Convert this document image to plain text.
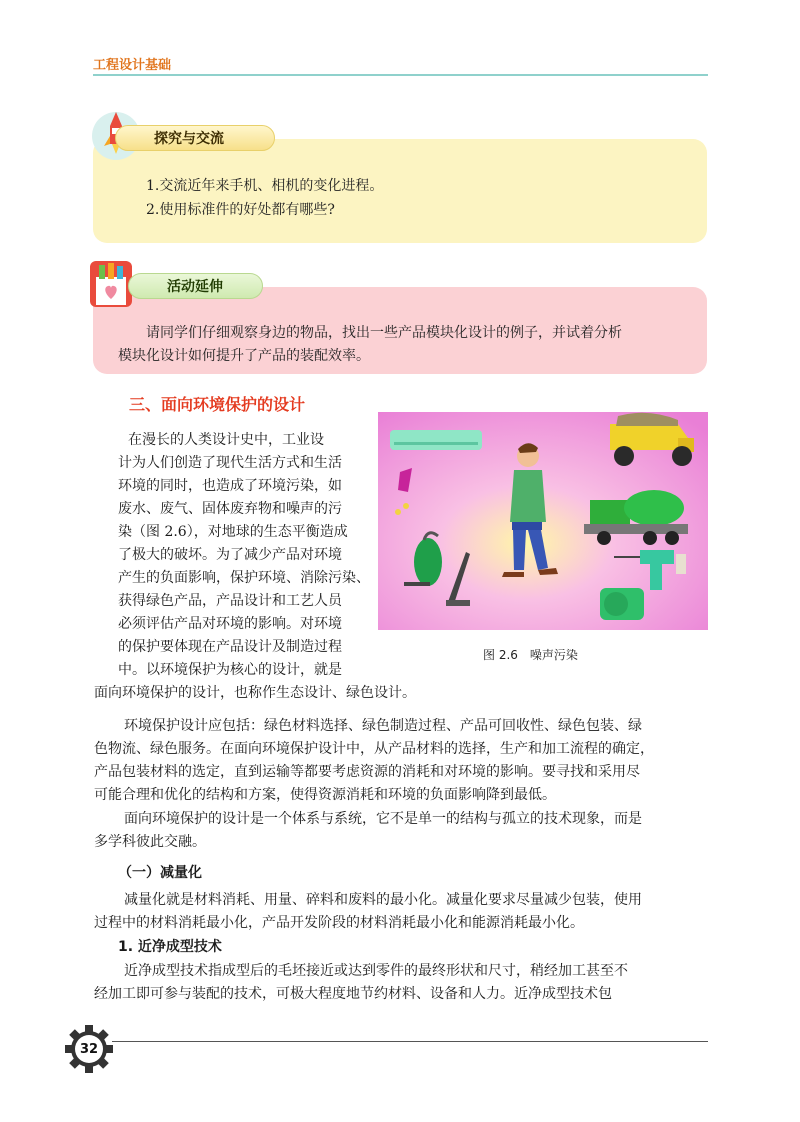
工程设计基础
探究与交流
1.交流近年来手机、相机的变化进程。
2.使用标准件的好处都有哪些?
活动延伸
请同学们仔细观察身边的物品，找出一些产品模块化设计的例子，并试着分析
模块化设计如何提升了产品的装配效率。
三、面向环境保护的设计

在漫长的人类设计史中，工业设

计为人们创造了现代生活方式和生活

环境的同时，也造成了环境污染，如

废水、废气、固体废弃物和噪声的污

染（图 2.6），对地球的生态平衡造成

了极大的破坏。为了减少产品对环境

产生的负面影响，保护环境、消除污染、

获得绿色产品，产品设计和工艺人员

必须评估产品对环境的影响。对环境

的保护要体现在产品设计及制造过程

中。以环境保护为核心的设计，就是

面向环境保护的设计，也称作生态设计、绿色设计。
图 2.6　噪声污染

环境保护设计应包括：绿色材料选择、绿色制造过程、产品可回收性、绿色包装、绿

色物流、绿色服务。在面向环境保护设计中，从产品材料的选择，生产和加工流程的确定，

产品包装材料的选定，直到运输等都要考虑资源的消耗和对环境的影响。要寻找和采用尽

可能合理和优化的结构和方案，使得资源消耗和环境的负面影响降到最低。

面向环境保护的设计是一个体系与系统，它不是单一的结构与孤立的技术现象，而是

多学科彼此交融。

（一）减量化

减量化就是材料消耗、用量、碎料和废料的最小化。减量化要求尽量减少包装，使用

过程中的材料消耗最小化，产品开发阶段的材料消耗最小化和能源消耗最小化。

1. 近净成型技术

近净成型技术指成型后的毛坯接近或达到零件的最终形状和尺寸，稍经加工甚至不

经加工即可参与装配的技术，可极大程度地节约材料、设备和人力。近净成型技术包

32
